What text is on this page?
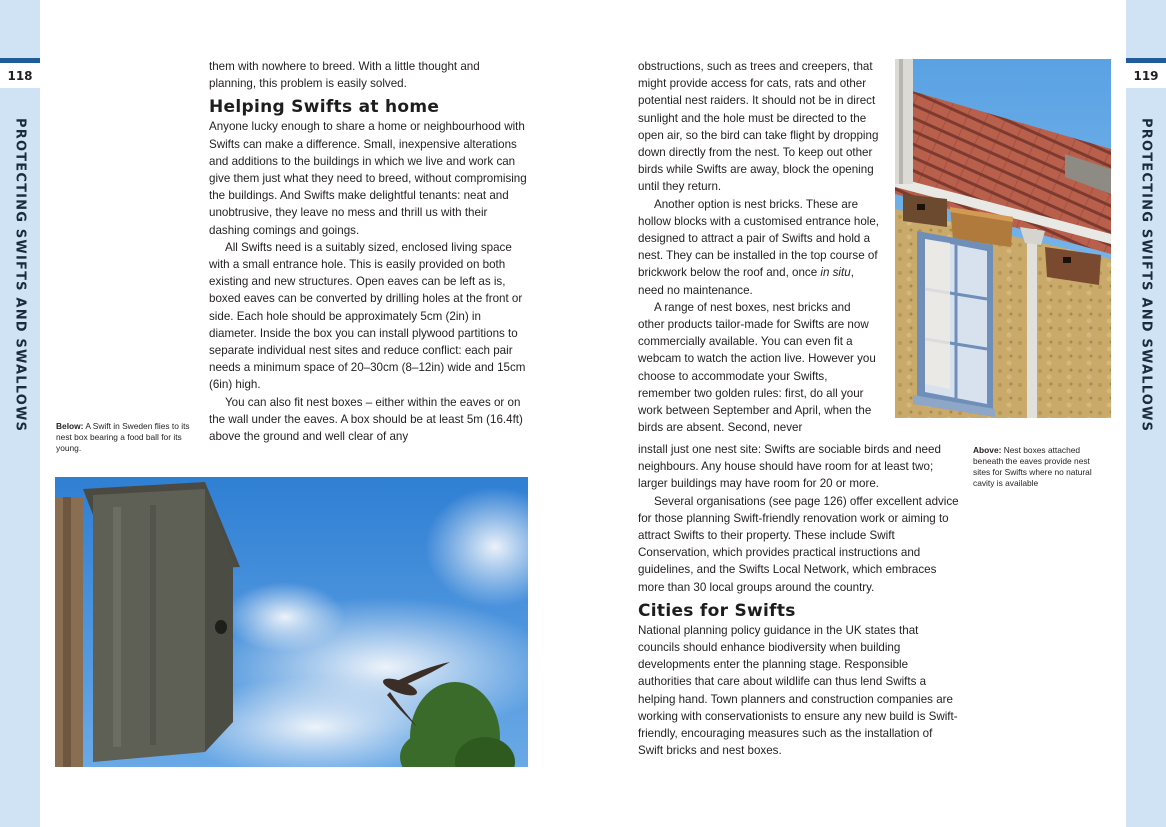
118	119
PROTECTING SWIFTS AND SWALLOWS	PROTECTING SWIFTS AND SWALLOWS

them with nowhere to breed. With a little thought and planning, this problem is easily solved.

Helping Swifts at home

Anyone lucky enough to share a home or neighbourhood with Swifts can make a difference. Small, inexpensive alterations and additions to the buildings in which we live and work can give them just what they need to breed, without compromising the buildings. And Swifts make delightful tenants: neat and unobtrusive, they leave no mess and thrill us with their dashing comings and goings.

All Swifts need is a suitably sized, enclosed living space with a small entrance hole. This is easily provided on both existing and new structures. Open eaves can be left as is, boxed eaves can be converted by drilling holes at the front or side. Each hole should be approximately 5cm (2in) in diameter. Inside the box you can install plywood partitions to separate individual nest sites and reduce conflict: each pair needs a minimum space of 20–30cm (8–12in) wide and 15cm (6in) high.

You can also fit nest boxes – either within the eaves or on the wall under the eaves. A box should be at least 5m (16.4ft) above the ground and well clear of any

Below: A Swift in Sweden flies to its nest box bearing a food ball for its young.

obstructions, such as trees and creepers, that might provide access for cats, rats and other potential nest raiders. It should not be in direct sunlight and the hole must be directed to the open air, so the bird can take flight by dropping down directly from the nest. To keep out other birds while Swifts are away, block the opening until they return.

Another option is nest bricks. These are hollow blocks with a customised entrance hole, designed to attract a pair of Swifts and hold a nest. They can be installed in the top course of brickwork below the roof and, once in situ, need no maintenance.

A range of nest boxes, nest bricks and other products tailor-made for Swifts are now commercially available. You can even fit a webcam to watch the action live. However you choose to accommodate your Swifts, remember two golden rules: first, do all your work between September and April, when the birds are absent. Second, never

install just one nest site: Swifts are sociable birds and need neighbours. Any house should have room for at least two; larger buildings may have room for 20 or more.

Several organisations (see page 126) offer excellent advice for those planning Swift-friendly renovation work or aiming to attract Swifts to their property. These include Swift Conservation, which provides practical instructions and guidelines, and the Swifts Local Network, which embraces more than 30 local groups around the country.

Cities for Swifts

National planning policy guidance in the UK states that councils should enhance biodiversity when building developments enter the planning stage. Responsible authorities that care about wildlife can thus lend Swifts a helping hand. Town planners and construction companies are working with conservationists to ensure any new build is Swift-friendly, encouraging measures such as the installation of Swift bricks and nest boxes.

Above: Nest boxes attached beneath the eaves provide nest sites for Swifts where no natural cavity is available
